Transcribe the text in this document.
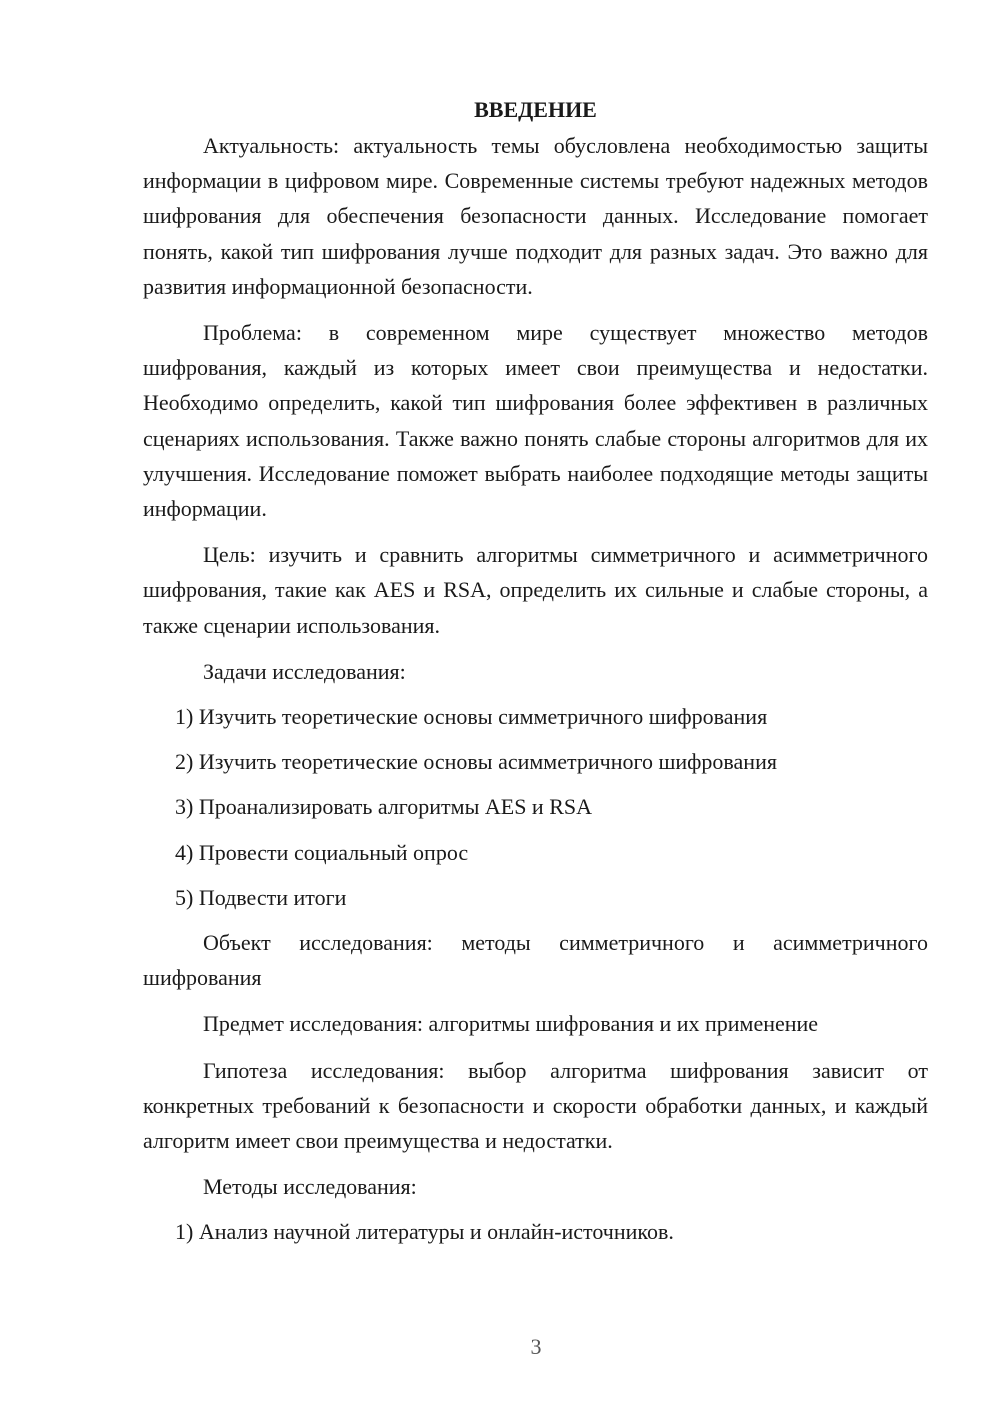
ВВЕДЕНИЕ

Актуальность: актуальность темы обусловлена необходимостью защиты информации в цифровом мире. Современные системы требуют надежных методов шифрования для обеспечения безопасности данных. Исследование помогает понять, какой тип шифрования лучше подходит для разных задач. Это важно для развития информационной безопасности.

Проблема: в современном мире существует множество методов шифрования, каждый из которых имеет свои преимущества и недостатки. Необходимо определить, какой тип шифрования более эффективен в различных сценариях использования. Также важно понять слабые стороны алгоритмов для их улучшения. Исследование поможет выбрать наиболее подходящие методы защиты информации.

Цель: изучить и сравнить алгоритмы симметричного и асимметричного шифрования, такие как AES и RSA, определить их сильные и слабые стороны, а также сценарии использования.

Задачи исследования:
1) Изучить теоретические основы симметричного шифрования
2) Изучить теоретические основы асимметричного шифрования
3) Проанализировать алгоритмы AES и RSA
4) Провести социальный опрос
5) Подвести итоги

Объект исследования: методы симметричного и асимметричного шифрования

Предмет исследования: алгоритмы шифрования и их применение

Гипотеза исследования: выбор алгоритма шифрования зависит от конкретных требований к безопасности и скорости обработки данных, и каждый алгоритм имеет свои преимущества и недостатки.

Методы исследования:
1) Анализ научной литературы и онлайн-источников.
3
